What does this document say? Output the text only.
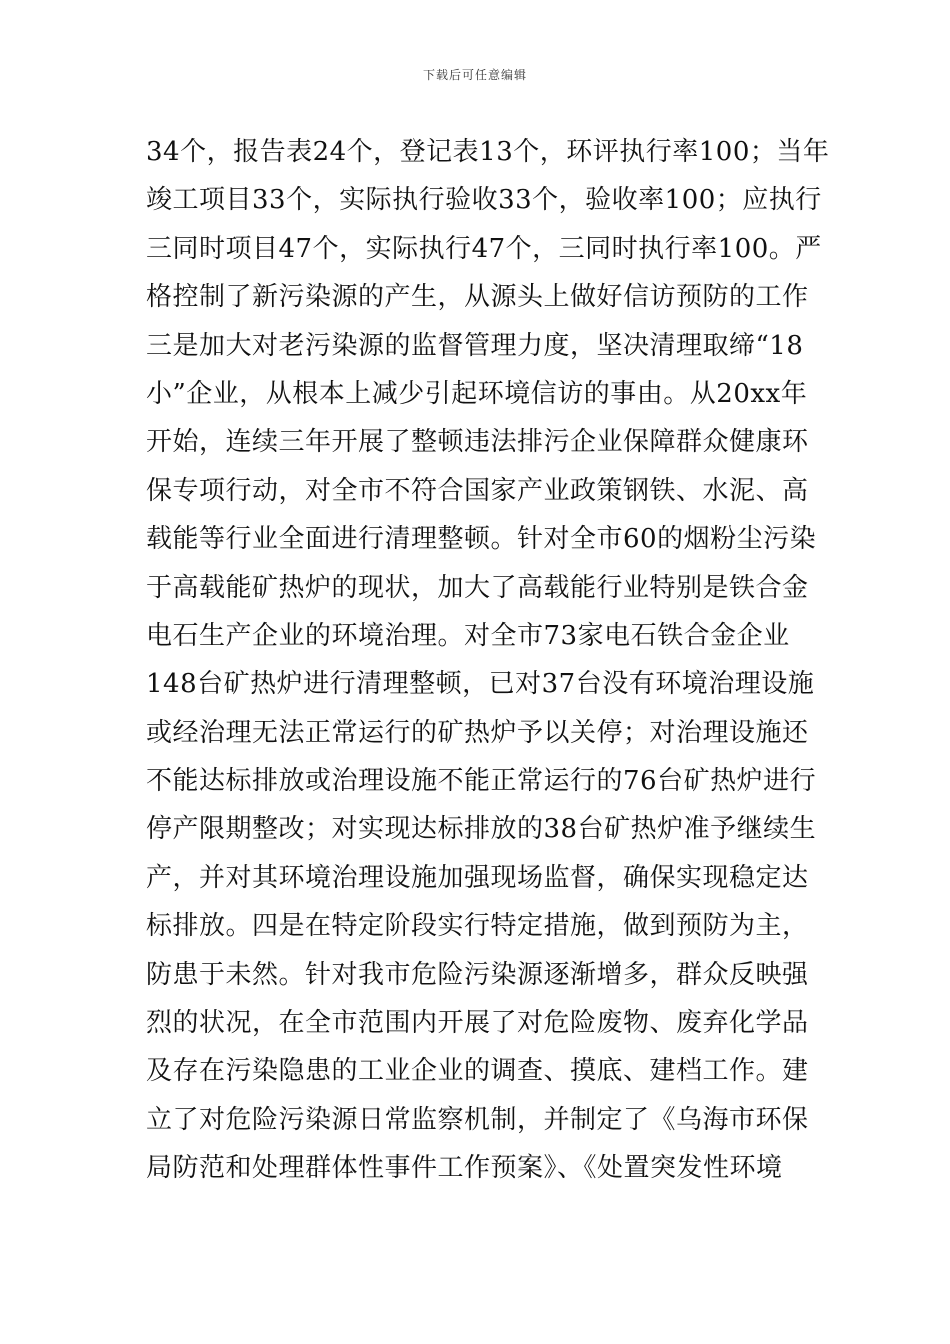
下载后可任意编辑
34个，报告表24个，登记表13个，环评执行率100；当年
竣工项目33个，实际执行验收33个，验收率100；应执行
三同时项目47个，实际执行47个，三同时执行率100。严
格控制了新污染源的产生，从源头上做好信访预防的工作
三是加大对老污染源的监督管理力度，坚决清理取缔“18
小”企业，从根本上减少引起环境信访的事由。从20xx年
开始，连续三年开展了整顿违法排污企业保障群众健康环
保专项行动，对全市不符合国家产业政策钢铁、水泥、高
载能等行业全面进行清理整顿。针对全市60的烟粉尘污染
于高载能矿热炉的现状，加大了高载能行业特别是铁合金
电石生产企业的环境治理。对全市73家电石铁合金企业
148台矿热炉进行清理整顿，已对37台没有环境治理设施
或经治理无法正常运行的矿热炉予以关停；对治理设施还
不能达标排放或治理设施不能正常运行的76台矿热炉进行
停产限期整改；对实现达标排放的38台矿热炉准予继续生
产，并对其环境治理设施加强现场监督，确保实现稳定达
标排放。四是在特定阶段实行特定措施，做到预防为主，
防患于未然。针对我市危险污染源逐渐增多，群众反映强
烈的状况，在全市范围内开展了对危险废物、废弃化学品
及存在污染隐患的工业企业的调查、摸底、建档工作。建
立了对危险污染源日常监察机制，并制定了《乌海市环保
局防范和处理群体性事件工作预案》、《处置突发性环境
